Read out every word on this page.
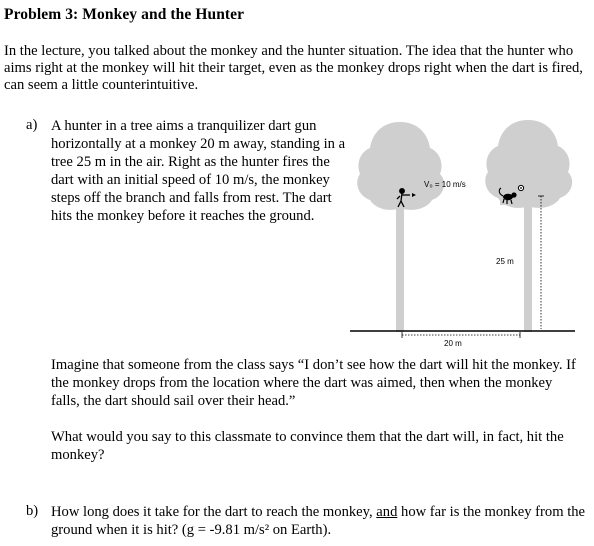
Problem 3: Monkey and the Hunter
In the lecture, you talked about the monkey and the hunter situation. The idea that the hunter who aims right at the monkey will hit their target, even as the monkey drops right when the dart is fired, can seem a little counterintuitive.
a) A hunter in a tree aims a tranquilizer dart gun horizontally at a monkey 20 m away, standing in a tree 25 m in the air. Right as the hunter fires the dart with an initial speed of 10 m/s, the monkey steps off the branch and falls from rest. The dart hits the monkey before it reaches the ground.
V₀ = 10 m/s
25 m
20 m
Imagine that someone from the class says “I don’t see how the dart will hit the monkey. If the monkey drops from the location where the dart was aimed, then when the monkey falls, the dart should sail over their head.”
What would you say to this classmate to convince them that the dart will, in fact, hit the monkey?
b) How long does it take for the dart to reach the monkey, and how far is the monkey from the ground when it is hit? (g = -9.81 m/s² on Earth).
